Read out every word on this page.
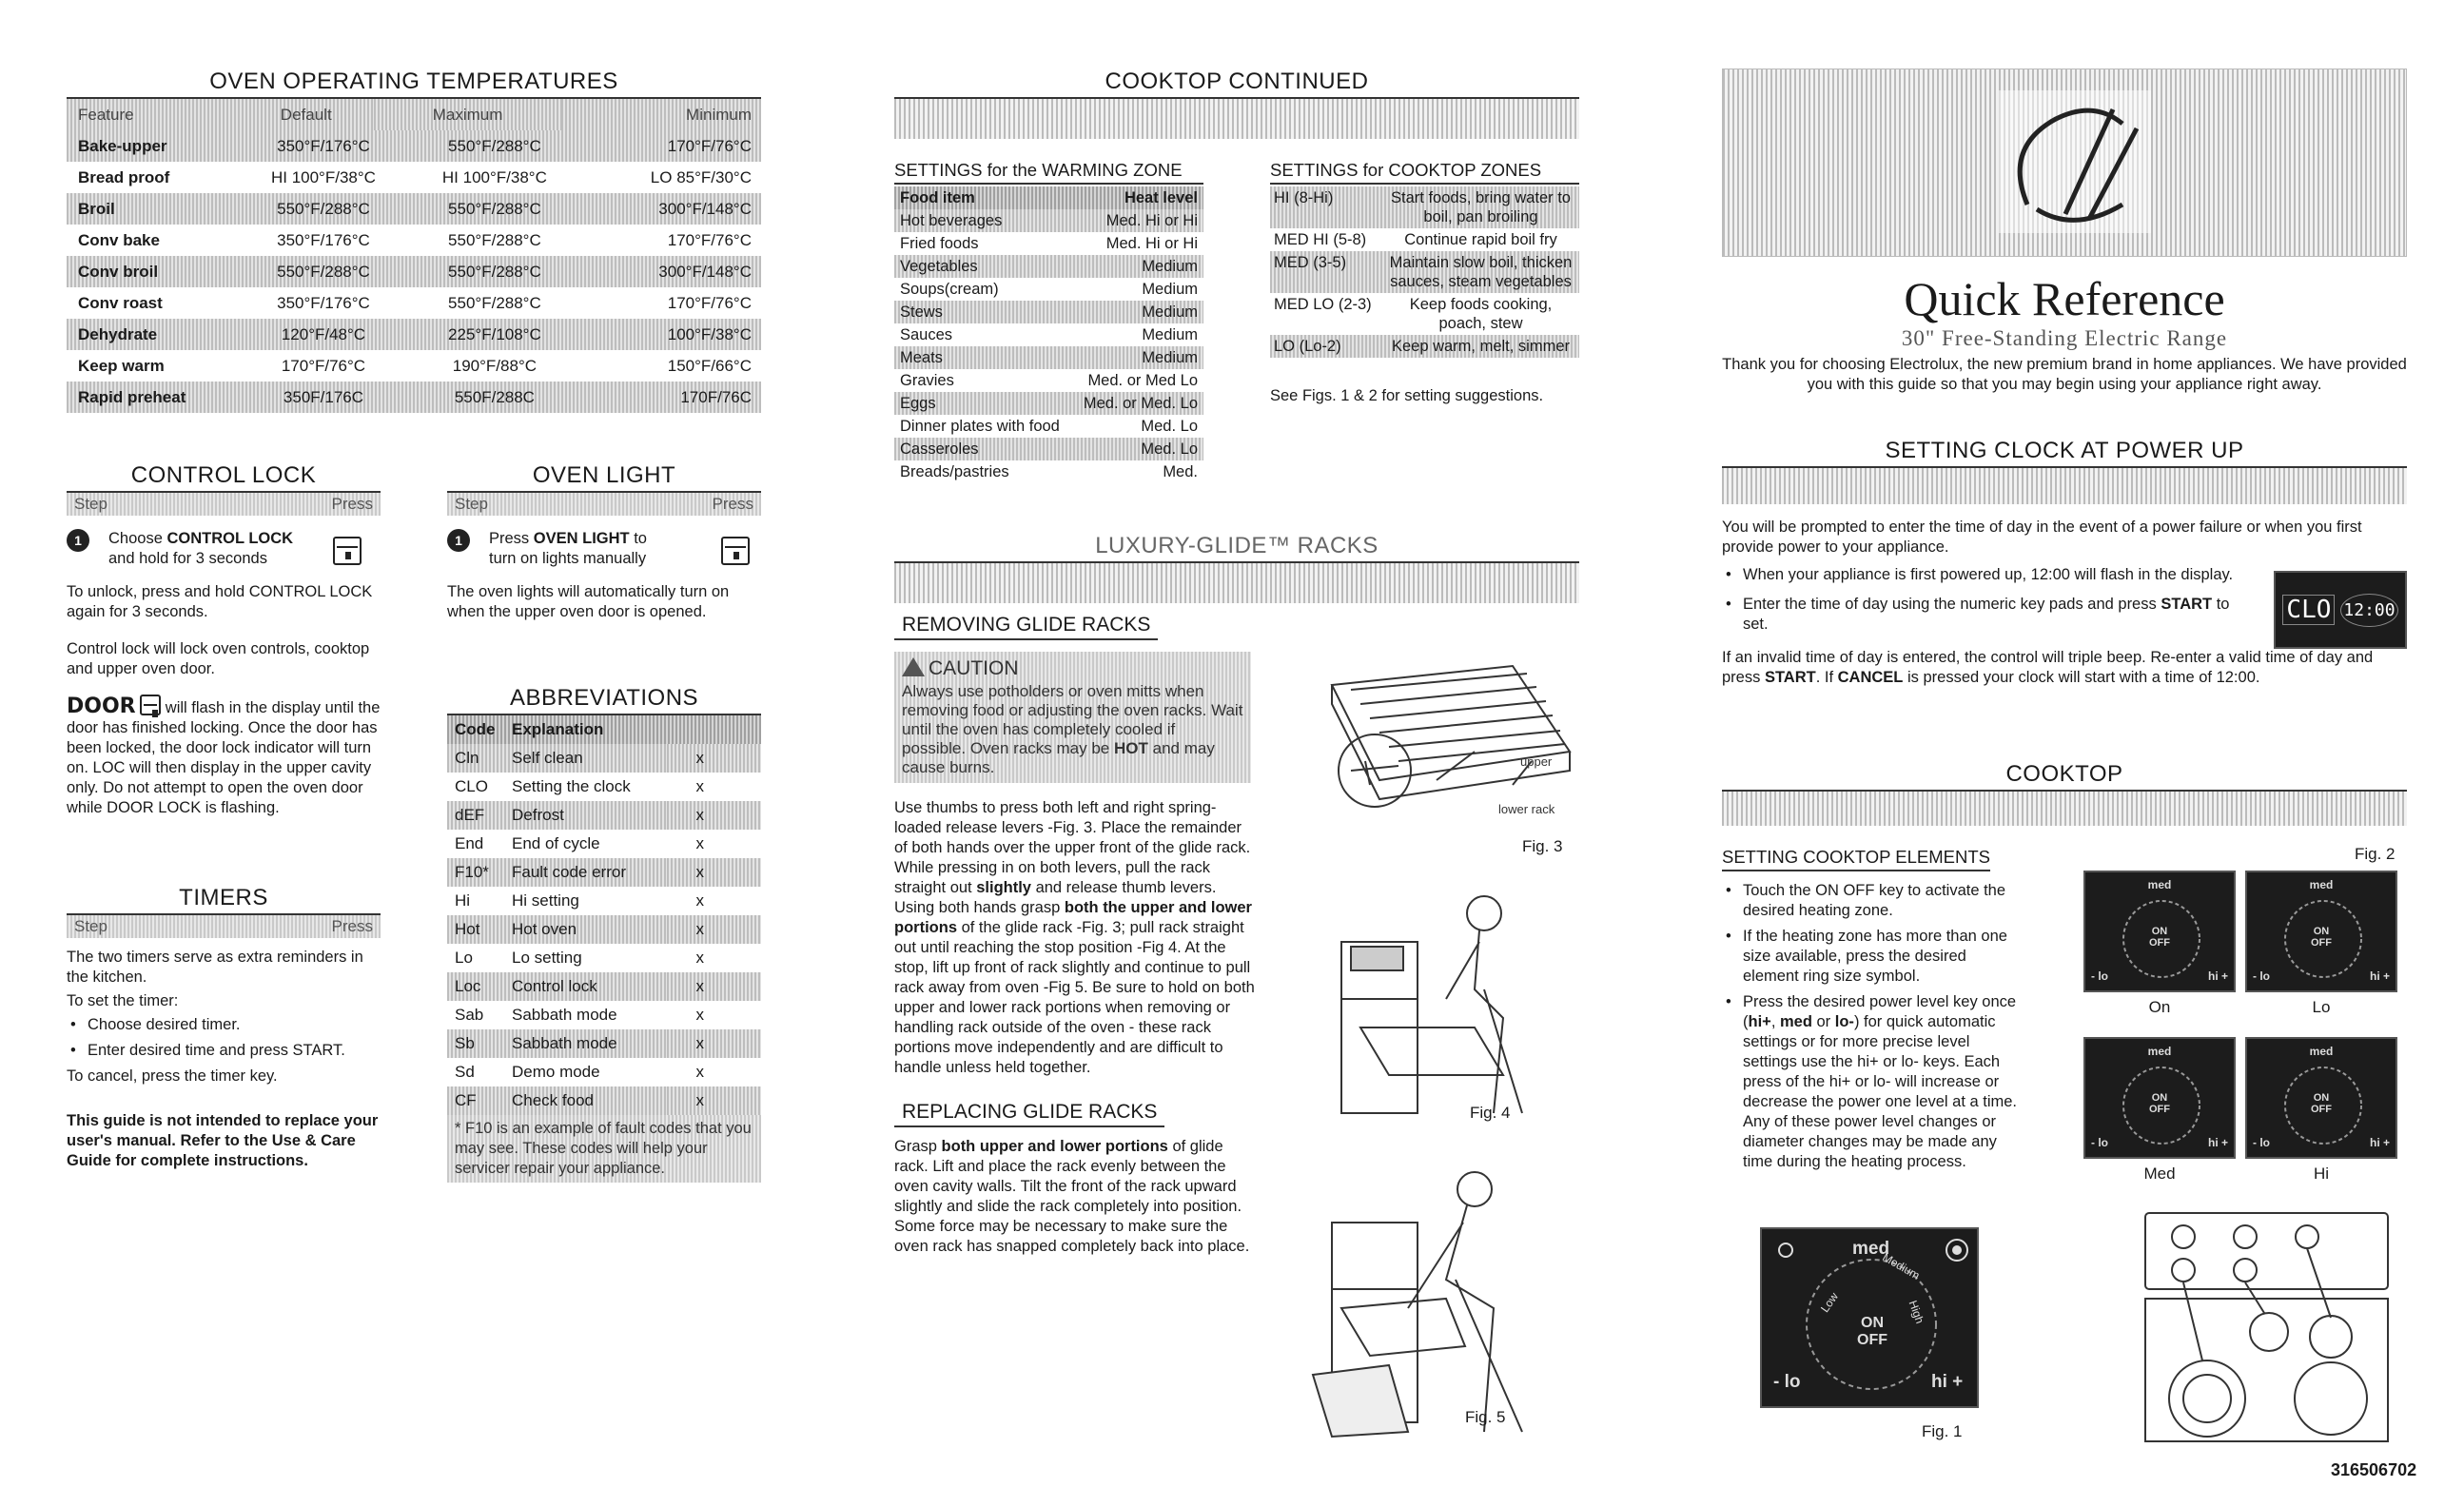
OVEN OPERATING TEMPERATURES
Feature	Default	Maximum	Minimum
Bake-upper	350°F/176°C	550°F/288°C	170°F/76°C
Bread proof	HI 100°F/38°C	HI 100°F/38°C	LO 85°F/30°C
Broil	550°F/288°C	550°F/288°C	300°F/148°C
Conv bake	350°F/176°C	550°F/288°C	170°F/76°C
Conv broil	550°F/288°C	550°F/288°C	300°F/148°C
Conv roast	350°F/176°C	550°F/288°C	170°F/76°C
Dehydrate	120°F/48°C	225°F/108°C	100°F/38°C
Keep warm	170°F/76°C	190°F/88°C	150°F/66°C
Rapid preheat	350F/176C	550F/288C	170F/76C
CONTROL LOCK
Step	Press
1	Choose CONTROL LOCK
and hold for 3 seconds

To unlock, press and hold CONTROL LOCK again for 3 seconds.

Control lock will lock oven controls, cooktop and upper oven door.

DOOR will flash in the display until the door has finished locking. Once the door has been locked, the door lock indicator will turn on. LOC will then display in the upper cavity only. Do not attempt to open the oven door while DOOR LOCK is flashing.

TIMERS
Step	Press

The two timers serve as extra reminders in the kitchen.

To set the timer:

• Choose desired timer.
• Enter desired time and press START.

To cancel, press the timer key.

This guide is not intended to replace your user's manual. Refer to the Use & Care Guide for complete instructions.

OVEN LIGHT
Step	Press
1	Press OVEN LIGHT to
turn on lights manually

The oven lights will automatically turn on when the upper oven door is opened.

ABBREVIATIONS
Code	Explanation	
Cln	Self clean	x
CLO	Setting the clock	x
dEF	Defrost	x
End	End of cycle	x
F10*	Fault code error	x
Hi	Hi setting	x
Hot	Hot oven	x
Lo	Lo setting	x
Loc	Control lock	x
Sab	Sabbath mode	x
Sb	Sabbath mode	x
Sd	Demo mode	x
CF	Check food	x
* F10 is an example of fault codes that you may see. These codes will help your servicer repair your appliance.
COOKTOP CONTINUED
SETTINGS for the WARMING ZONE
Food item	Heat level
Hot beverages	Med. Hi or Hi
Fried foods	Med. Hi or Hi
Vegetables	Medium
Soups(cream)	Medium
Stews	Medium
Sauces	Medium
Meats	Medium
Gravies	Med. or Med Lo
Eggs	Med. or Med. Lo
Dinner plates with food	Med. Lo
Casseroles	Med. Lo
Breads/pastries	Med.
SETTINGS for COOKTOP ZONES
HI (8-Hi)	Start foods, bring water to boil, pan broiling
MED HI (5-8)	Continue rapid boil fry
MED (3-5)	Maintain slow boil, thicken sauces, steam vegetables
MED LO (2-3)	Keep foods cooking, poach, stew
LO (Lo-2)	Keep warm, melt, simmer

See Figs. 1 & 2 for setting suggestions.

LUXURY-GLIDE™ RACKS
REMOVING GLIDE RACKS
CAUTION
Always use potholders or oven mitts when removing food or adjusting the oven racks. Wait until the oven has completely cooled if possible. Oven racks may be HOT and may cause burns.

Use thumbs to press both left and right spring-loaded release levers -Fig. 3. Place the remainder of both hands over the upper front of the glide rack. While pressing in on both levers, pull the rack straight out slightly and release thumb levers. Using both hands grasp both the upper and lower portions of the glide rack -Fig. 3; pull rack straight out until reaching the stop position -Fig 4. At the stop, lift up front of rack slightly and continue to pull rack away from oven -Fig 5. Be sure to hold on both upper and lower rack portions when removing or handling rack outside of the oven - these rack portions move independently and are difficult to handle unless held together.

REPLACING GLIDE RACKS

Grasp both upper and lower portions of glide rack. Lift and place the rack evenly between the oven cavity walls. Tilt the front of the rack upward slightly and slide the rack completely into position. Some force may be necessary to make sure the oven rack has snapped completely back into place.

upper
lower rack
Fig. 3
Fig. 4
Fig. 5
Quick Reference
30" Free-Standing Electric Range

Thank you for choosing Electrolux, the new premium brand in home appliances. We have provided you with this guide so that you may begin using your appliance right away.

SETTING CLOCK AT POWER UP

You will be prompted to enter the time of day in the event of a power failure or when you first provide power to your appliance.

• When your appliance is first powered up, 12:00 will flash in the display.
• Enter the time of day using the numeric key pads and press START to set.

If an invalid time of day is entered, the control will triple beep. Re-enter a valid time of day and press START. If CANCEL is pressed your clock will start with a time of 12:00.

CLO 12:00
COOKTOP
SETTING COOKTOP ELEMENTS
• Touch the ON OFF key to activate the desired heating zone.
• If the heating zone has more than one size available, press the desired element ring size symbol.
• Press the desired power level key once (hi+, med or lo-) for quick automatic settings or for more precise level settings use the hi+ or lo- keys. Each press of the hi+ or lo- will increase or decrease the power one level at a time. Any of these power level changes or diameter changes may be made any time during the heating process.
med
Low
Medium
High
ON
OFF
- lo	hi +
Fig. 1
Fig. 2
med
ON
OFF
- lo	hi +
On
med
ON
OFF
- lo	hi +
Lo
med
ON
OFF
- lo	hi +
Med
med
ON
OFF
- lo	hi +
Hi
316506702
